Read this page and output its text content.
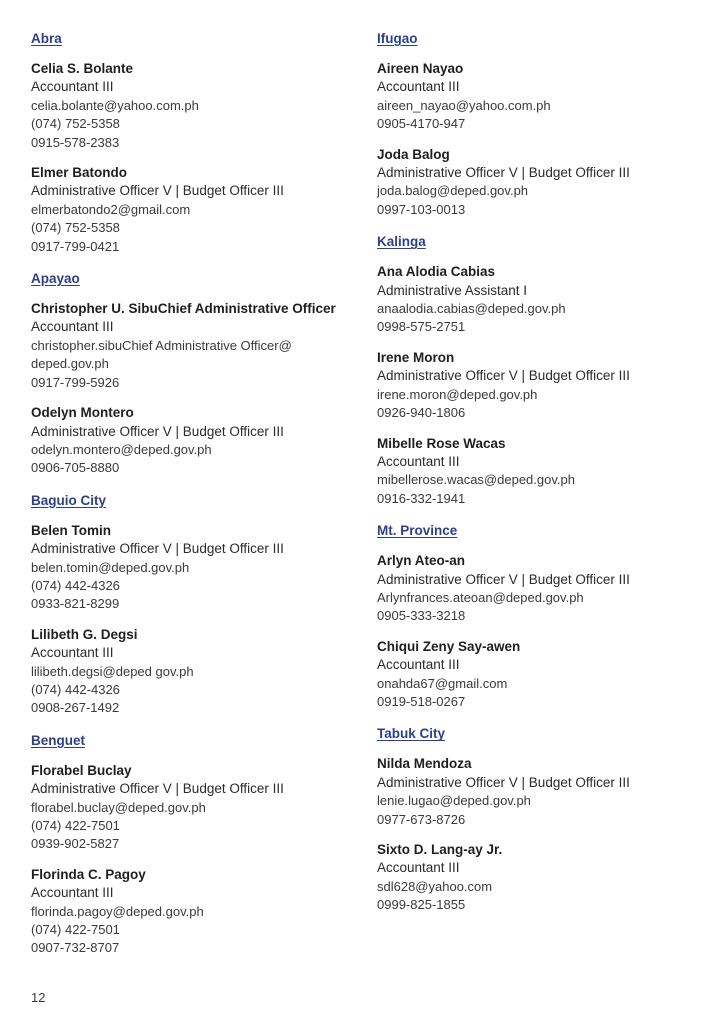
Abra
Celia S. Bolante
Accountant III
celia.bolante@yahoo.com.ph
(074) 752-5358
0915-578-2383
Elmer Batondo
Administrative Officer V | Budget Officer III
elmerbatondo2@gmail.com
(074) 752-5358
0917-799-0421
Apayao
Christopher U. SibuChief Administrative Officer
Accountant III
christopher.sibuChief Administrative Officer@
deped.gov.ph
0917-799-5926
Odelyn Montero
Administrative Officer V | Budget Officer III
odelyn.montero@deped.gov.ph
0906-705-8880
Baguio City
Belen Tomin
Administrative Officer V | Budget Officer III
belen.tomin@deped.gov.ph
(074) 442-4326
0933-821-8299
Lilibeth G. Degsi
Accountant III
lilibeth.degsi@deped gov.ph
(074) 442-4326
0908-267-1492
Benguet
Florabel Buclay
Administrative Officer V | Budget Officer III
florabel.buclay@deped.gov.ph
(074) 422-7501
0939-902-5827
Florinda C. Pagoy
Accountant III
florinda.pagoy@deped.gov.ph
(074) 422-7501
0907-732-8707
Ifugao
Aireen Nayao
Accountant III
aireen_nayao@yahoo.com.ph
0905-4170-947
Joda Balog
Administrative Officer V | Budget Officer III
joda.balog@deped.gov.ph
0997-103-0013
Kalinga
Ana Alodia Cabias
Administrative Assistant I
anaalodia.cabias@deped.gov.ph
0998-575-2751
Irene Moron
Administrative Officer V | Budget Officer III
irene.moron@deped.gov.ph
0926-940-1806
Mibelle Rose Wacas
Accountant III
mibellerose.wacas@deped.gov.ph
0916-332-1941
Mt. Province
Arlyn Ateo-an
Administrative Officer V | Budget Officer III
Arlynfrances.ateoan@deped.gov.ph
0905-333-3218
Chiqui Zeny Say-awen
Accountant III
onahda67@gmail.com
0919-518-0267
Tabuk City
Nilda Mendoza
Administrative Officer V | Budget Officer III
lenie.lugao@deped.gov.ph
0977-673-8726
Sixto D. Lang-ay Jr.
Accountant III
sdl628@yahoo.com
0999-825-1855
12
